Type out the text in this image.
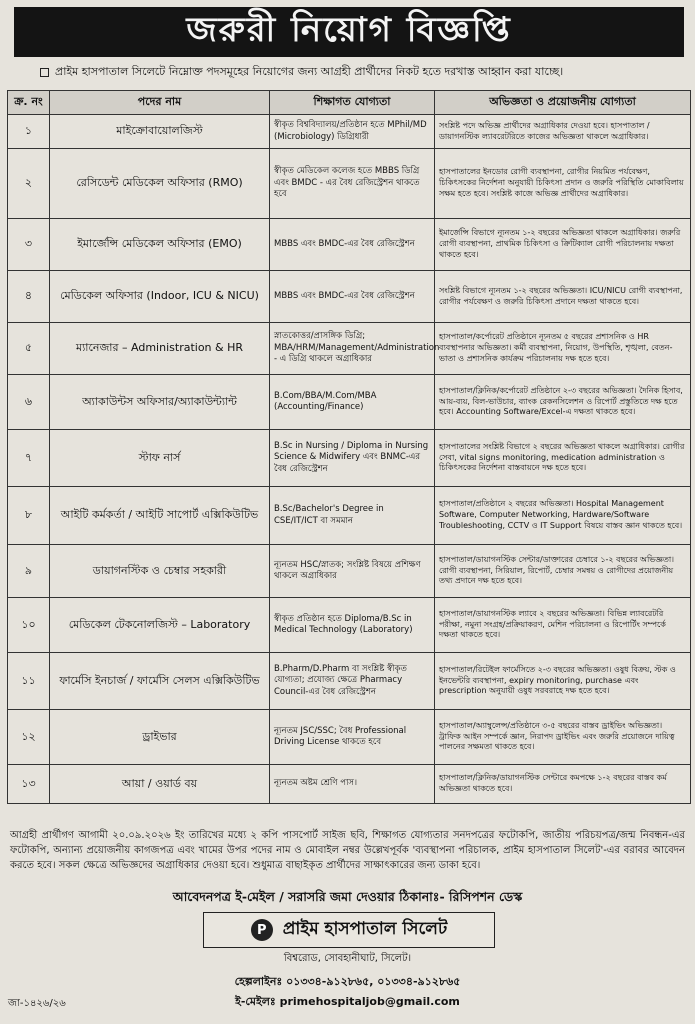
জরুরী নিয়োগ বিজ্ঞপ্তি
প্রাইম হাসপাতাল সিলেটে নিম্নোক্ত পদসমূহের নিয়োগের জন্য আগ্রহী প্রার্থীদের নিকট হতে দরখাস্ত আহ্বান করা যাচ্ছে।
ক্র. নং	পদের নাম	শিক্ষাগত যোগ্যতা	অভিজ্ঞতা ও প্রয়োজনীয় যোগ্যতা
১	মাইক্রোবায়োলজিস্ট	স্বীকৃত বিশ্ববিদ্যালয়/প্রতিষ্ঠান হতে MPhil/MD (Microbiology) ডিগ্রিধারী	সংশ্লিষ্ট পদে অভিজ্ঞ প্রার্থীদের অগ্রাধিকার দেওয়া হবে। হাসপাতাল /ডায়াগনস্টিক ল্যাবরেটরিতে কাজের অভিজ্ঞতা থাকলে অগ্রাধিকার।
২	রেসিডেন্ট মেডিকেল অফিসার (RMO)	স্বীকৃত মেডিকেল কলেজ হতে MBBS ডিগ্রি এবং BMDC - এর বৈধ রেজিস্ট্রেশন থাকতে হবে	হাসপাতালের ইনডোর রোগী ব্যবস্থাপনা, রোগীর নিয়মিত পর্যবেক্ষণ, চিকিৎসকের নির্দেশনা অনুযায়ী চিকিৎসা প্রদান ও জরুরি পরিস্থিতি মোকাবিলায় সক্ষম হতে হবে। সংশ্লিষ্ট কাজে অভিজ্ঞ প্রার্থীদের অগ্রাধিকার।
৩	ইমার্জেন্সি মেডিকেল অফিসার (EMO)	MBBS এবং BMDC-এর বৈধ রেজিস্ট্রেশন	ইমার্জেন্সি বিভাগে ন্যূনতম ১-২ বছরের অভিজ্ঞতা থাকলে অগ্রাধিকার। জরুরি রোগী ব্যবস্থাপনা, প্রাথমিক চিকিৎসা ও ক্রিটিক্যাল রোগী পরিচালনায় দক্ষতা থাকতে হবে।
৪	মেডিকেল অফিসার (Indoor, ICU & NICU)	MBBS এবং BMDC-এর বৈধ রেজিস্ট্রেশন	সংশ্লিষ্ট বিভাগে ন্যূনতম ১-২ বছরের অভিজ্ঞতা। ICU/NICU রোগী ব্যবস্থাপনা, রোগীর পর্যবেক্ষণ ও জরুরি চিকিৎসা প্রদানে দক্ষতা থাকতে হবে।
৫	ম্যানেজার – Administration & HR	স্নাতকোত্তর/প্রাসঙ্গিক ডিগ্রি; MBA/HRM/Management/Administration - এ ডিগ্রি থাকলে অগ্রাধিকার	হাসপাতাল/কর্পোরেট প্রতিষ্ঠানে ন্যূনতম ৫ বছরের প্রশাসনিক ও HR ব্যবস্থাপনার অভিজ্ঞতা। কর্মী ব্যবস্থাপনা, নিয়োগ, উপস্থিতি, শৃঙ্খলা, বেতন-ভাতা ও প্রশাসনিক কার্যক্রম পরিচালনায় দক্ষ হতে হবে।
৬	অ্যাকাউন্টস অফিসার/অ্যাকাউন্ট্যান্ট	B.Com/BBA/M.Com/MBA (Accounting/Finance)	হাসপাতাল/ক্লিনিক/কর্পোরেট প্রতিষ্ঠানে ২-৩ বছরের অভিজ্ঞতা। দৈনিক হিসাব, আয়-ব্যয়, বিল-ভাউচার, ব্যাংক রেকনসিলেশন ও রিপোর্ট প্রস্তুতিতে দক্ষ হতে হবে। Accounting Software/Excel-এ দক্ষতা থাকতে হবে।
৭	স্টাফ নার্স	B.Sc in Nursing / Diploma in Nursing Science & Midwifery এবং BNMC-এর বৈধ রেজিস্ট্রেশন	হাসপাতালের সংশ্লিষ্ট বিভাগে ২ বছরের অভিজ্ঞতা থাকলে অগ্রাধিকার। রোগীর সেবা, vital signs monitoring, medication administration ও চিকিৎসকের নির্দেশনা বাস্তবায়নে দক্ষ হতে হবে।
৮	আইটি কর্মকর্তা / আইটি সাপোর্ট এক্সিকিউটিভ	B.Sc/Bachelor's Degree in CSE/IT/ICT বা সমমান	হাসপাতাল/প্রতিষ্ঠানে ২ বছরের অভিজ্ঞতা। Hospital Management Software, Computer Networking, Hardware/Software Troubleshooting, CCTV ও IT Support বিষয়ে বাস্তব জ্ঞান থাকতে হবে।
৯	ডায়াগনস্টিক ও চেম্বার সহকারী	ন্যূনতম HSC/স্নাতক; সংশ্লিষ্ট বিষয়ে প্রশিক্ষণ থাকলে অগ্রাধিকার	হাসপাতাল/ডায়াগনস্টিক সেন্টার/ডাক্তারের চেম্বারে ১-২ বছরের অভিজ্ঞতা। রোগী ব্যবস্থাপনা, সিরিয়াল, রিপোর্ট, চেম্বার সমন্বয় ও রোগীদের প্রয়োজনীয় তথ্য প্রদানে দক্ষ হতে হবে।
১০	মেডিকেল টেকনোলজিস্ট – Laboratory	স্বীকৃত প্রতিষ্ঠান হতে Diploma/B.Sc in Medical Technology (Laboratory)	হাসপাতাল/ডায়াগনস্টিক ল্যাবে ২ বছরের অভিজ্ঞতা। বিভিন্ন ল্যাবরেটরি পরীক্ষা, নমুনা সংগ্রহ/প্রক্রিয়াকরণ, মেশিন পরিচালনা ও রিপোর্টিং সম্পর্কে দক্ষতা থাকতে হবে।
১১	ফার্মেসি ইনচার্জ / ফার্মেসি সেলস এক্সিকিউটিভ	B.Pharm/D.Pharm বা সংশ্লিষ্ট স্বীকৃত যোগ্যতা; প্রযোজ্য ক্ষেত্রে Pharmacy Council-এর বৈধ রেজিস্ট্রেশন	হাসপাতাল/রিটেইল ফার্মেসিতে ২-৩ বছরের অভিজ্ঞতা। ওষুধ বিক্রয়, স্টক ও ইনভেন্টরি ব্যবস্থাপনা, expiry monitoring, purchase এবং prescription অনুযায়ী ওষুধ সরবরাহে দক্ষ হতে হবে।
১২	ড্রাইভার	ন্যূনতম JSC/SSC; বৈধ Professional Driving License থাকতে হবে	হাসপাতাল/অ্যাম্বুলেন্স/প্রতিষ্ঠানে ৩-৫ বছরের বাস্তব ড্রাইভিং অভিজ্ঞতা। ট্রাফিক আইন সম্পর্কে জ্ঞান, নিরাপদ ড্রাইভিং এবং জরুরি প্রয়োজনে দায়িত্ব পালনের সক্ষমতা থাকতে হবে।
১৩	আয়া / ওয়ার্ড বয়	ন্যূনতম অষ্টম শ্রেণি পাস।	হাসপাতাল/ক্লিনিক/ডায়াগনস্টিক সেন্টারে কমপক্ষে ১-২ বছরের বাস্তব কর্ম অভিজ্ঞতা থাকতে হবে।
আগ্রহী প্রার্থীগণ আগামী ২০.০৯.২০২৬ ইং তারিখের মধ্যে ২ কপি পাসপোর্ট সাইজ ছবি, শিক্ষাগত যোগ্যতার সনদপত্রের ফটোকপি, জাতীয় পরিচয়পত্র/জন্ম নিবন্ধন-এর ফটোকপি, অন্যান্য প্রয়োজনীয় কাগজপত্র এবং খামের উপর পদের নাম ও মোবাইল নম্বর উল্লেখপূর্বক 'ব্যবস্থাপনা পরিচালক, প্রাইম হাসপাতাল সিলেট'-এর বরাবর আবেদন করতে হবে। সকল ক্ষেত্রে অভিজ্ঞদের অগ্রাধিকার দেওয়া হবে। শুধুমাত্র বাছাইকৃত প্রার্থীদের সাক্ষাৎকারের জন্য ডাকা হবে।
আবেদনপত্র ই-মেইল / সরাসরি জমা দেওয়ার ঠিকানাঃ- রিসিপশন ডেস্ক
P প্রাইম হাসপাতাল সিলেট
বিশ্বরোড, সোবহানীঘাট, সিলেট।
হেল্পলাইনঃ ০১৩৩৪-৯১২৮৬৫, ০১৩৩৪-৯১২৮৬৫
ই-মেইলঃ primehospitaljob@gmail.com
জা-১৪২৬/২৬
